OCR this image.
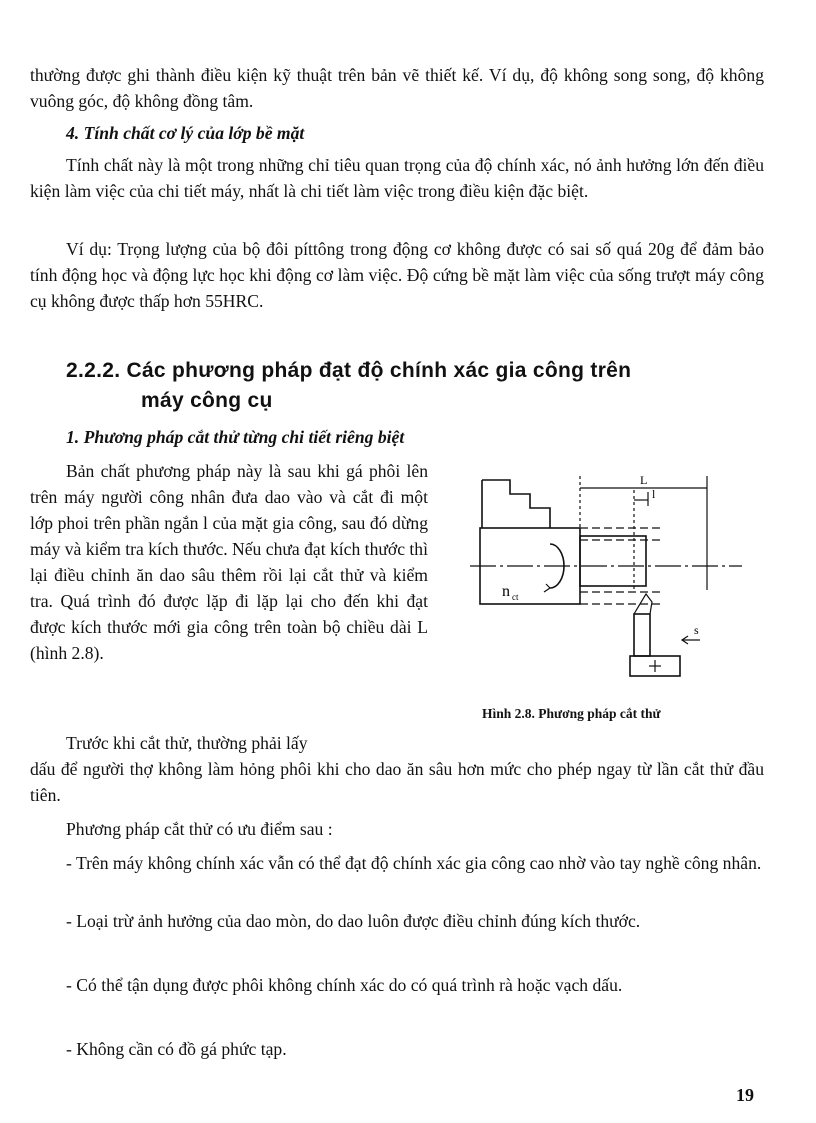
thường được ghi thành điều kiện kỹ thuật trên bản vẽ thiết kế. Ví dụ, độ không song song, độ không vuông góc, độ không đồng tâm.

4. Tính chất cơ lý của lớp bề mặt

Tính chất này là một trong những chỉ tiêu quan trọng của độ chính xác, nó ảnh hưởng lớn đến điều kiện làm việc của chi tiết máy, nhất là chi tiết làm việc trong điều kiện đặc biệt.

Ví dụ: Trọng lượng của bộ đôi píttông trong động cơ không được có sai số quá 20g để đảm bảo tính động học và động lực học khi động cơ làm việc. Độ cứng bề mặt làm việc của sống trượt máy công cụ không được thấp hơn 55HRC.

2.2.2. Các phương pháp đạt độ chính xác gia công trên

máy công cụ

1. Phương pháp cắt thử từng chi tiết riêng biệt

Bản chất phương pháp này là sau khi gá phôi lên trên máy người công nhân đưa dao vào và cắt đi một lớp phoi trên phần ngắn l của mặt gia công, sau đó dừng máy và kiểm tra kích thước. Nếu chưa đạt kích thước thì lại điều chỉnh ăn dao sâu thêm rồi lại cắt thử và kiểm tra. Quá trình đó được lặp đi lặp lại cho đến khi đạt được kích thước mới gia công trên toàn bộ chiều dài L (hình 2.8).

Trước khi cắt thử, thường phải lấy

dấu để người thợ không làm hỏng phôi khi cho dao ăn sâu hơn mức cho phép ngay từ lần cắt thử đầu tiên.

Phương pháp cắt thử có ưu điểm sau :

- Trên máy không chính xác vẫn có thể đạt độ chính xác gia công cao nhờ vào tay nghề công nhân.

- Loại trừ ảnh hưởng của dao mòn, do dao luôn được điều chỉnh đúng kích thước.

- Có thể tận dụng được phôi không chính xác do có quá trình rà hoặc vạch dấu.

- Không cần có đồ gá phức tạp.

L
l
n ct
s
Hình 2.8. Phương pháp cắt thử
19
